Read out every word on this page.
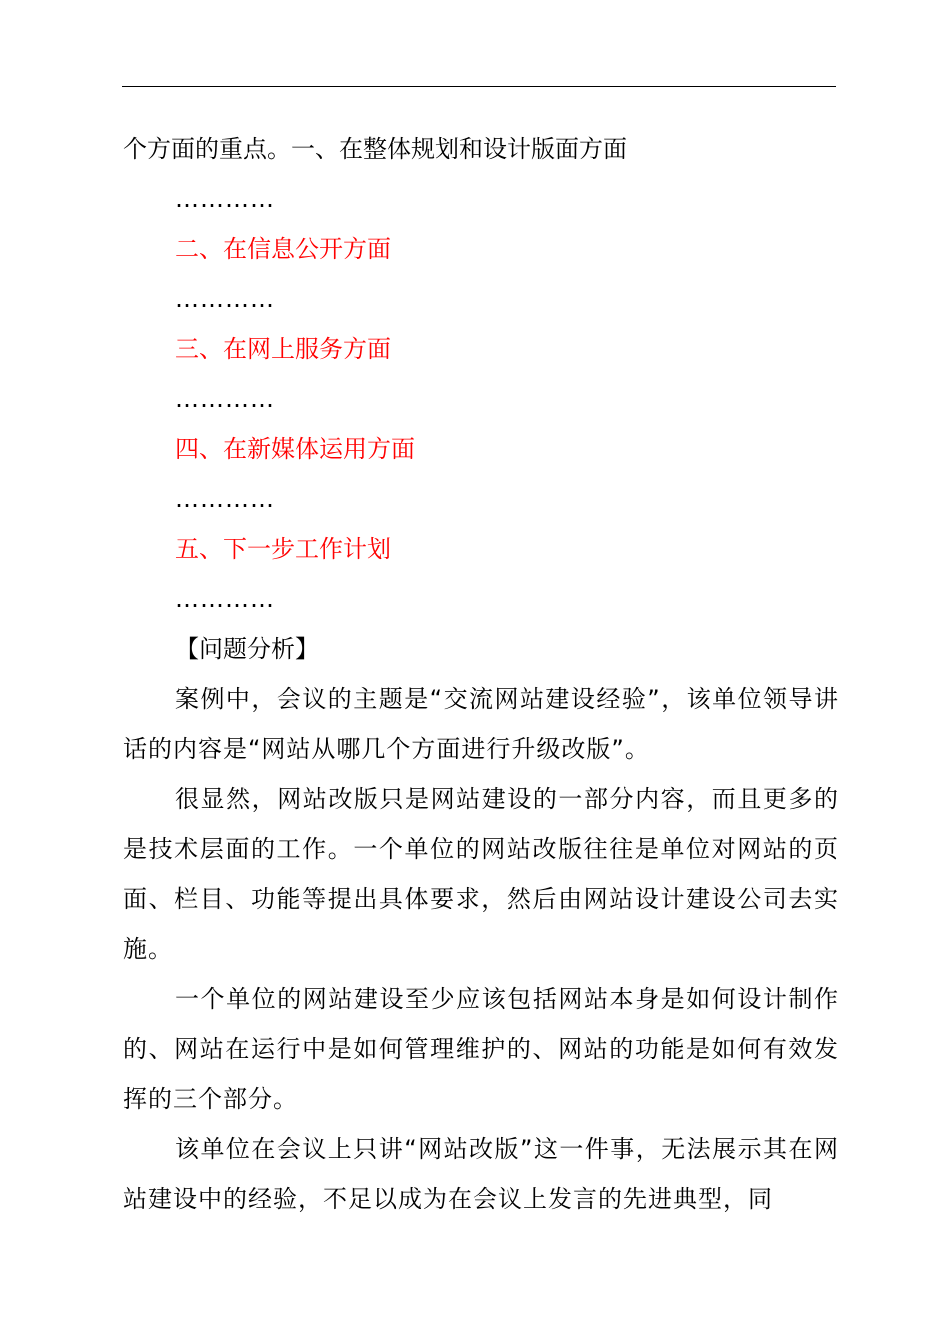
个方面的重点。一、在整体规划和设计版面方面
…………
二、在信息公开方面
…………
三、在网上服务方面
…………
四、在新媒体运用方面
…………
五、下一步工作计划
…………
【问题分析】

案例中，会议的主题是“交流网站建设经验”，该单位领导讲话的内容是“网站从哪几个方面进行升级改版”。

很显然，网站改版只是网站建设的一部分内容，而且更多的是技术层面的工作。一个单位的网站改版往往是单位对网站的页面、栏目、功能等提出具体要求，然后由网站设计建设公司去实施。

一个单位的网站建设至少应该包括网站本身是如何设计制作的、网站在运行中是如何管理维护的、网站的功能是如何有效发挥的三个部分。

该单位在会议上只讲“网站改版”这一件事，无法展示其在网站建设中的经验，不足以成为在会议上发言的先进典型，同
